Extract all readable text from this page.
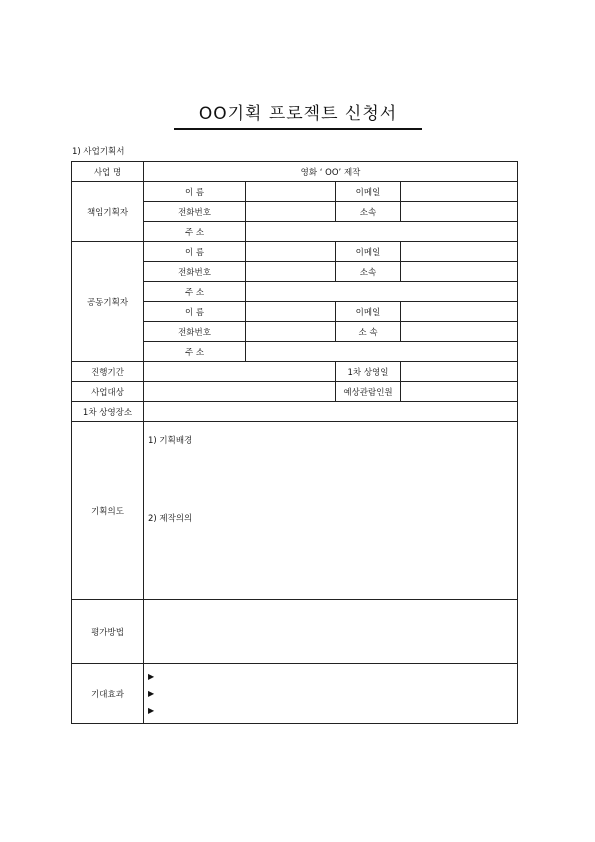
OO기획 프로젝트 신청서
1) 사업기획서
사업 명	영화 ‘ OO’ 제작			
책임기획자	이 름		이메일	
	전화번호		소속	
	주 소			
공동기획자	이 름		이메일	
	전화번호		소속	
	주 소			
	이 름		이메일	
	전화번호		소 속	
	주 소			
진행기간			1차 상영일	
사업대상			예상관람인원	
1차 상영장소				
기획의도	1) 기획배경
2) 제작의의			

평가방법				
기대효과	▶
▶
▶			
